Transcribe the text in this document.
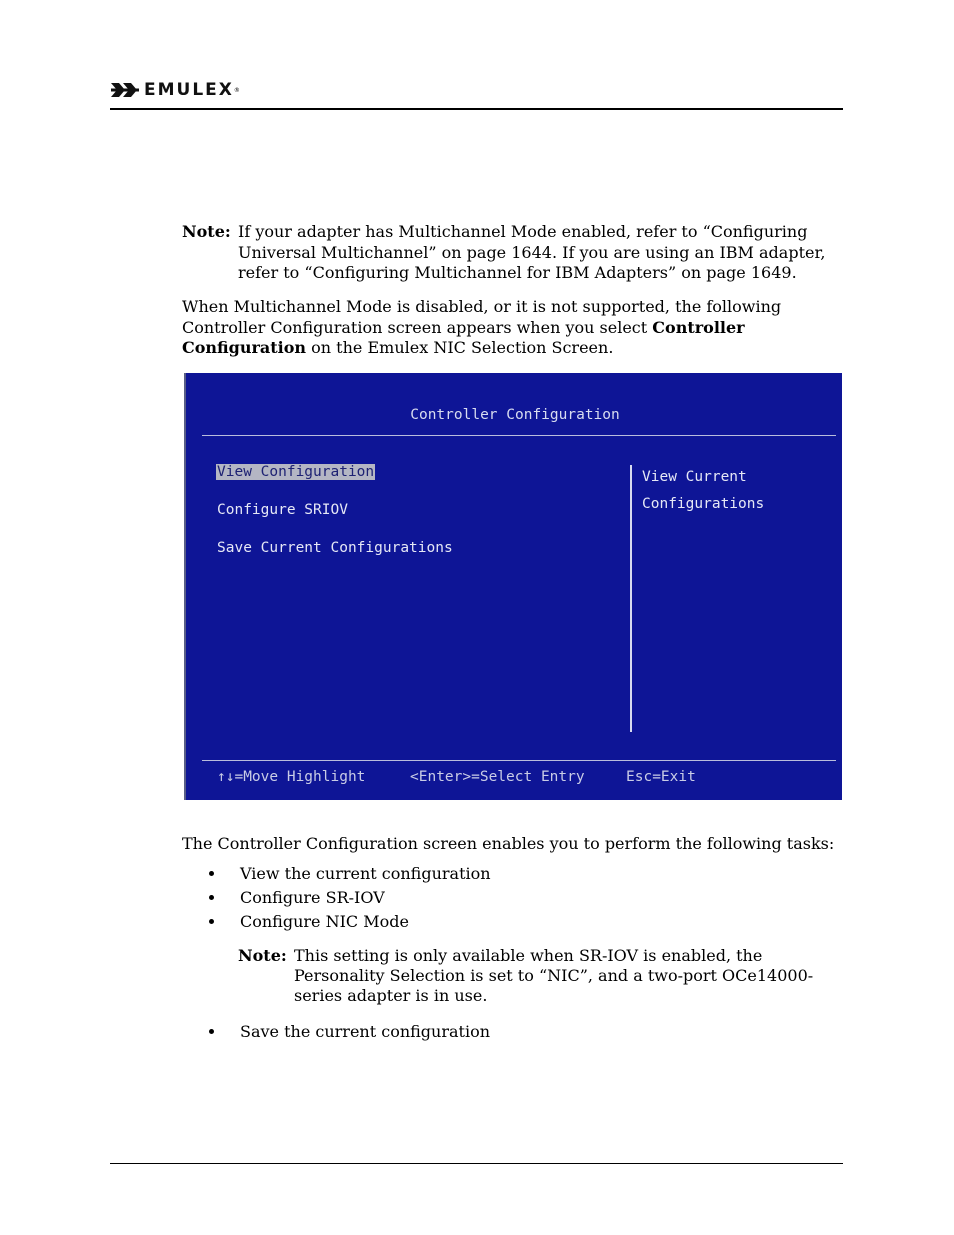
EMULEX ®
Note: If your adapter has Multichannel Mode enabled, refer to “Configuring Universal Multichannel” on page 1644. If you are using an IBM adapter, refer to “Configuring Multichannel for IBM Adapters” on page 1649.
When Multichannel Mode is disabled, or it is not supported, the following Controller Configuration screen appears when you select Controller Configuration on the Emulex NIC Selection Screen.
Controller Configuration
View Configuration
Configure SRIOV
Save Current Configurations
View Current
Configurations
↑↓=Move Highlight	<Enter>=Select Entry	Esc=Exit
The Controller Configuration screen enables you to perform the following tasks:
View the current configuration
Configure SR-IOV
Configure NIC Mode
Save the current configuration
Note: This setting is only available when SR-IOV is enabled, the Personality Selection is set to “NIC”, and a two-port OCe14000-series adapter is in use.
